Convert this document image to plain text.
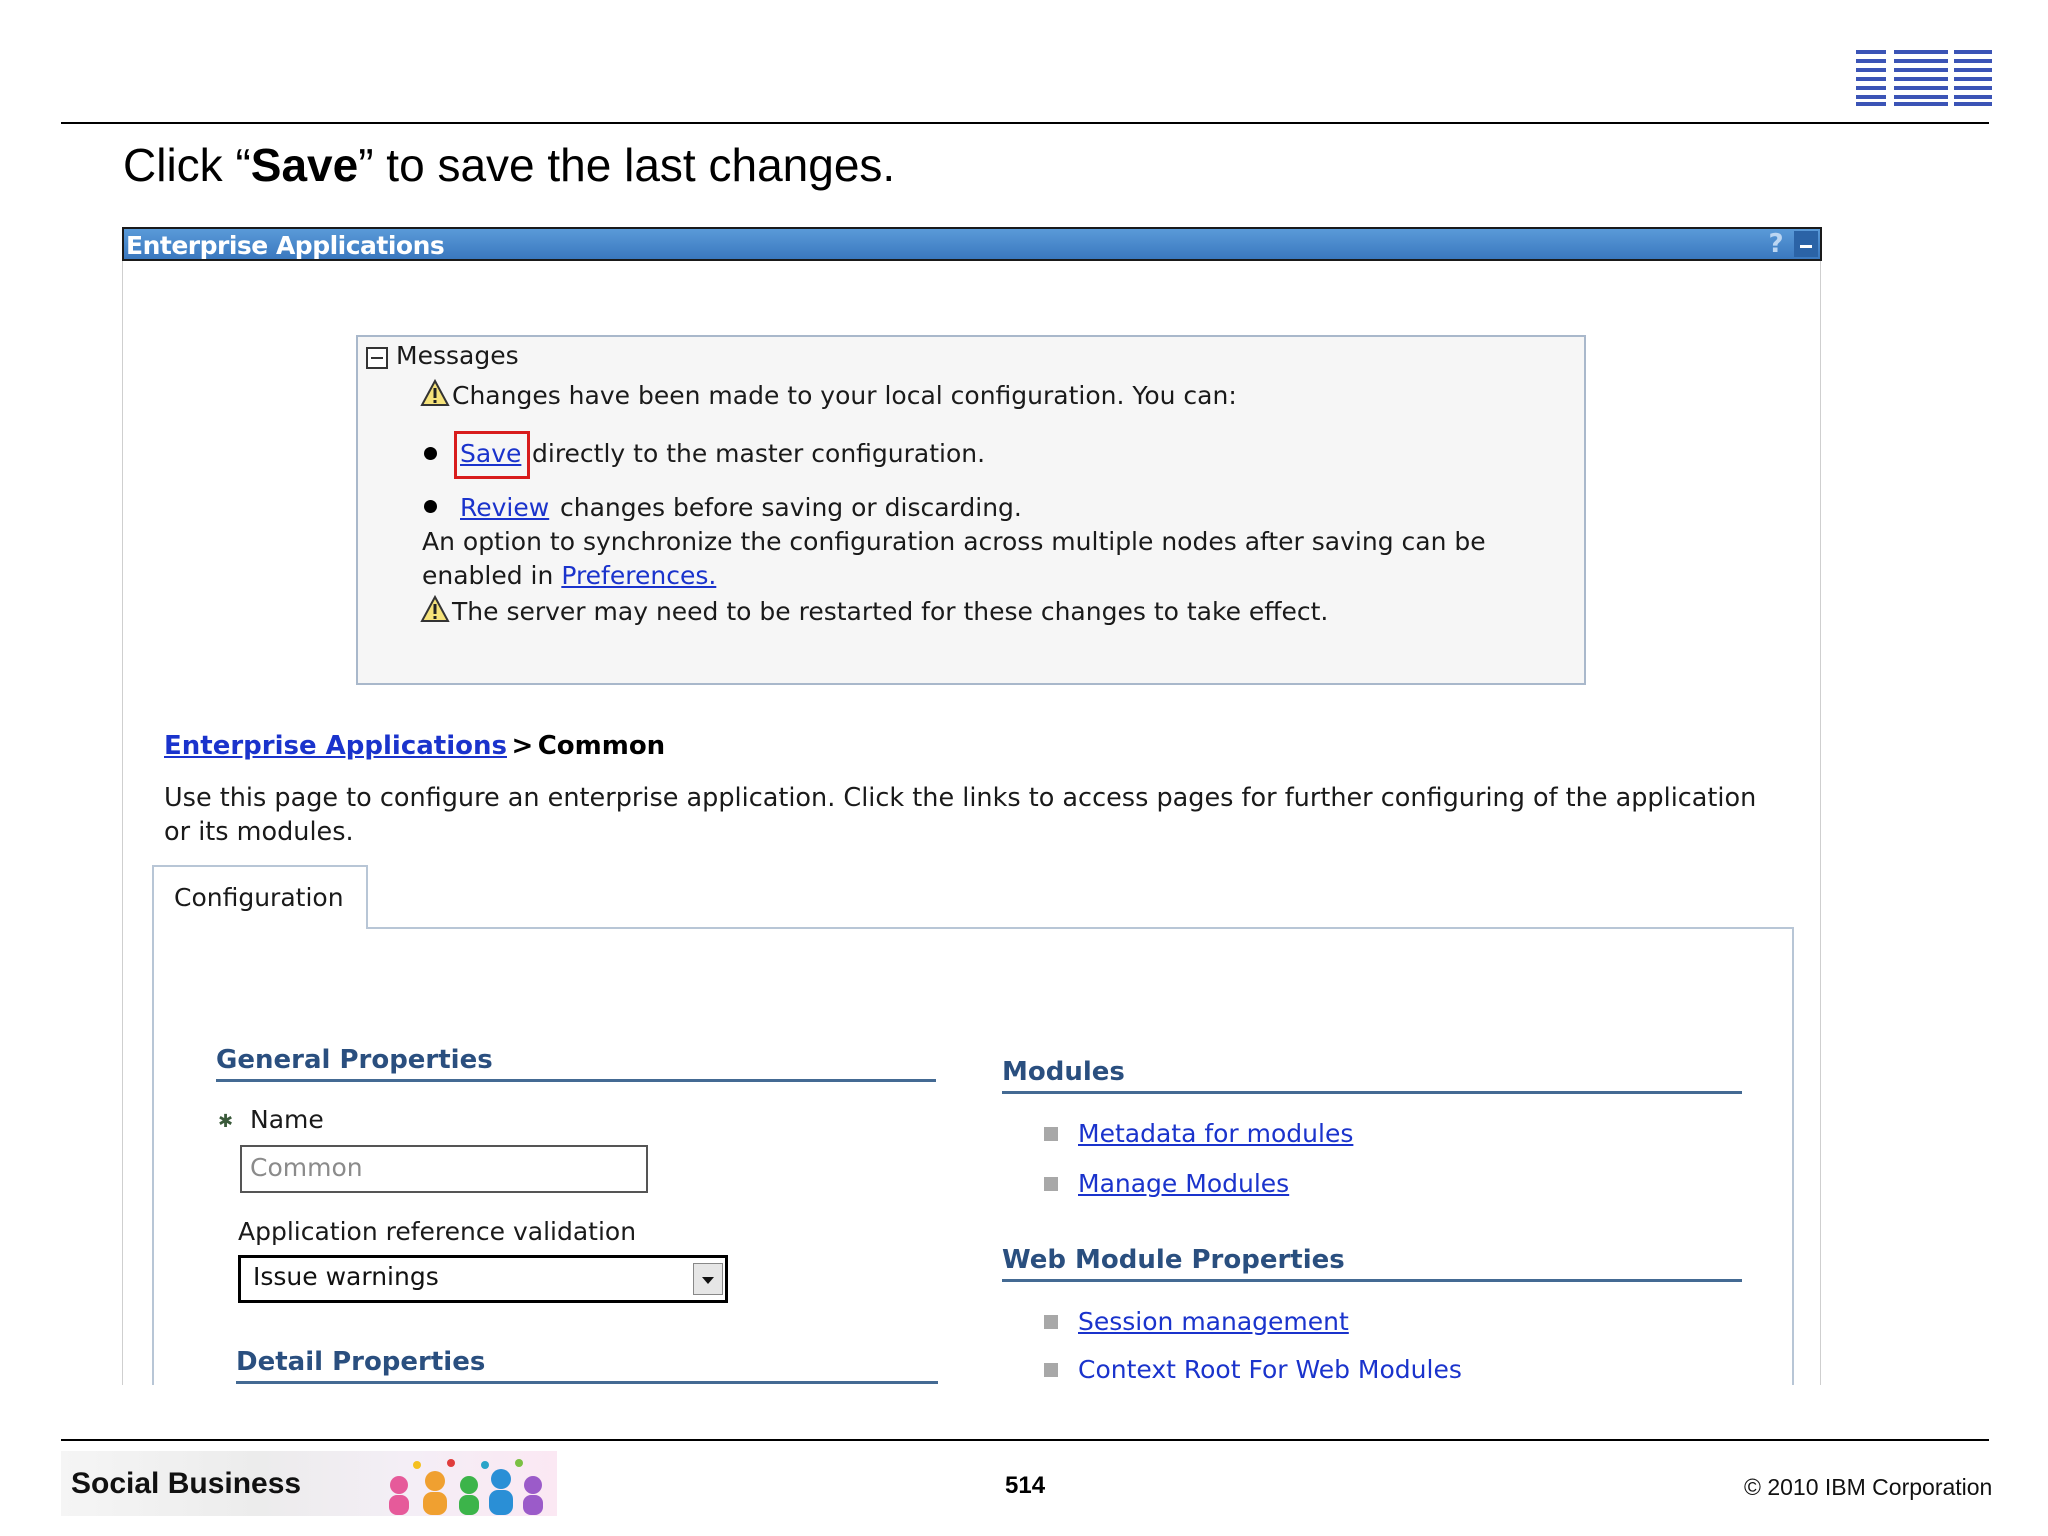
Click “Save” to save the last changes.
Enterprise Applications	?
Messages
Changes have been made to your local configuration. You can:
Save directly to the master configuration.
Review changes before saving or discarding.
An option to synchronize the configuration across multiple nodes after saving can be
enabled in Preferences.
The server may need to be restarted for these changes to take effect.
Enterprise Applications > Common
Use this page to configure an enterprise application. Click the links to access pages for further configuring of the application
or its modules.
Configuration
General Properties
✱ Name
Common
Application reference validation
Issue warnings
Detail Properties
Modules
Metadata for modules
Manage Modules
Web Module Properties
Session management
Context Root For Web Modules
Social Business	514	© 2010 IBM Corporation
